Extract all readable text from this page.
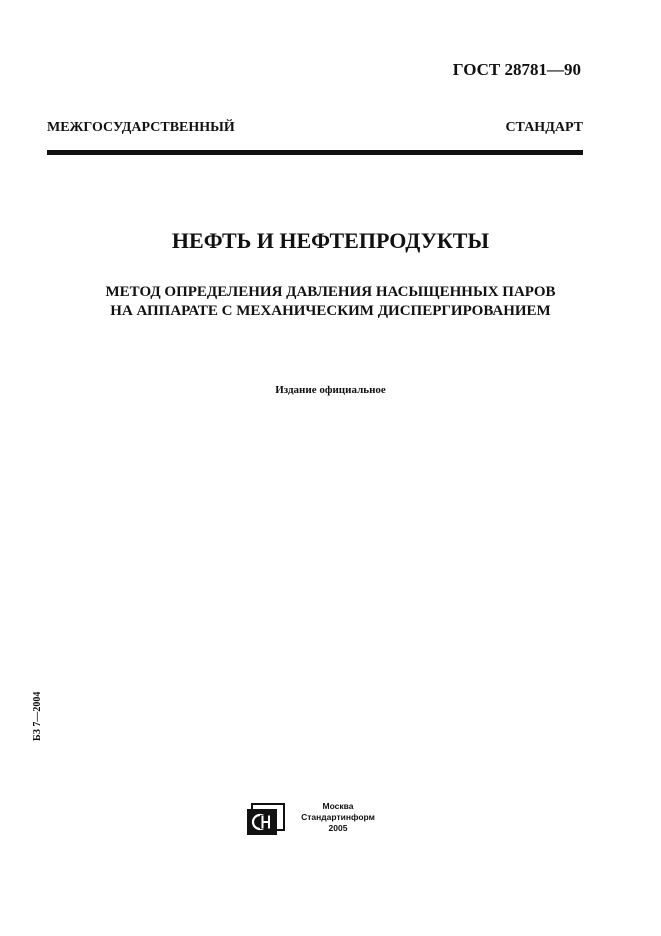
ГОСТ 28781—90
МЕЖГОСУДАРСТВЕННЫЙ СТАНДАРТ
НЕФТЬ И НЕФТЕПРОДУКТЫ
МЕТОД ОПРЕДЕЛЕНИЯ ДАВЛЕНИЯ НАСЫЩЕННЫХ ПАРОВ
НА АППАРАТЕ С МЕХАНИЧЕСКИМ ДИСПЕРГИРОВАНИЕМ
Издание официальное
БЗ 7—2004
Москва
Стандартинформ
2005
